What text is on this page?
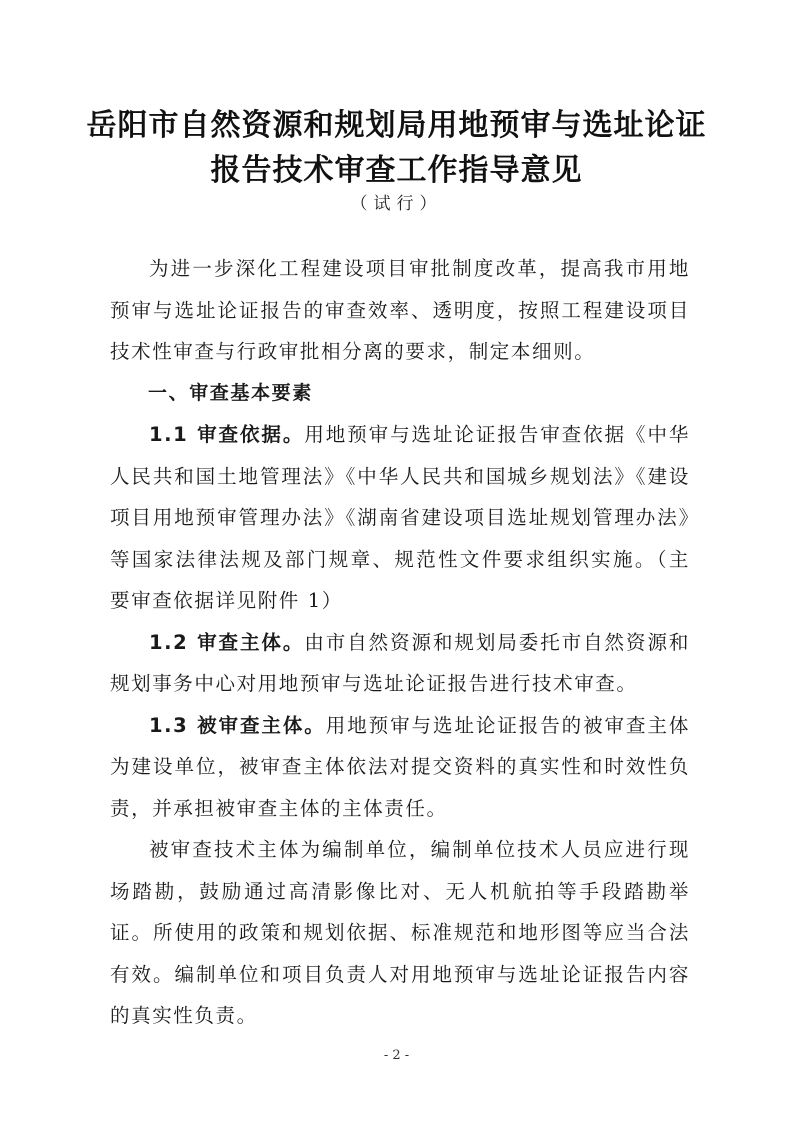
岳阳市自然资源和规划局用地预审与选址论证
报告技术审查工作指导意见
（试行）

为进一步深化工程建设项目审批制度改革，提高我市用地预审与选址论证报告的审查效率、透明度，按照工程建设项目技术性审查与行政审批相分离的要求，制定本细则。

一、审查基本要素

1.1 审查依据。用地预审与选址论证报告审查依据《中华人民共和国土地管理法》《中华人民共和国城乡规划法》《建设项目用地预审管理办法》《湖南省建设项目选址规划管理办法》等国家法律法规及部门规章、规范性文件要求组织实施。（主要审查依据详见附件 1）

1.2 审查主体。由市自然资源和规划局委托市自然资源和规划事务中心对用地预审与选址论证报告进行技术审查。

1.3 被审查主体。用地预审与选址论证报告的被审查主体为建设单位，被审查主体依法对提交资料的真实性和时效性负责，并承担被审查主体的主体责任。

被审查技术主体为编制单位，编制单位技术人员应进行现场踏勘，鼓励通过高清影像比对、无人机航拍等手段踏勘举证。所使用的政策和规划依据、标准规范和地形图等应当合法有效。编制单位和项目负责人对用地预审与选址论证报告内容的真实性负责。

- 2 -
